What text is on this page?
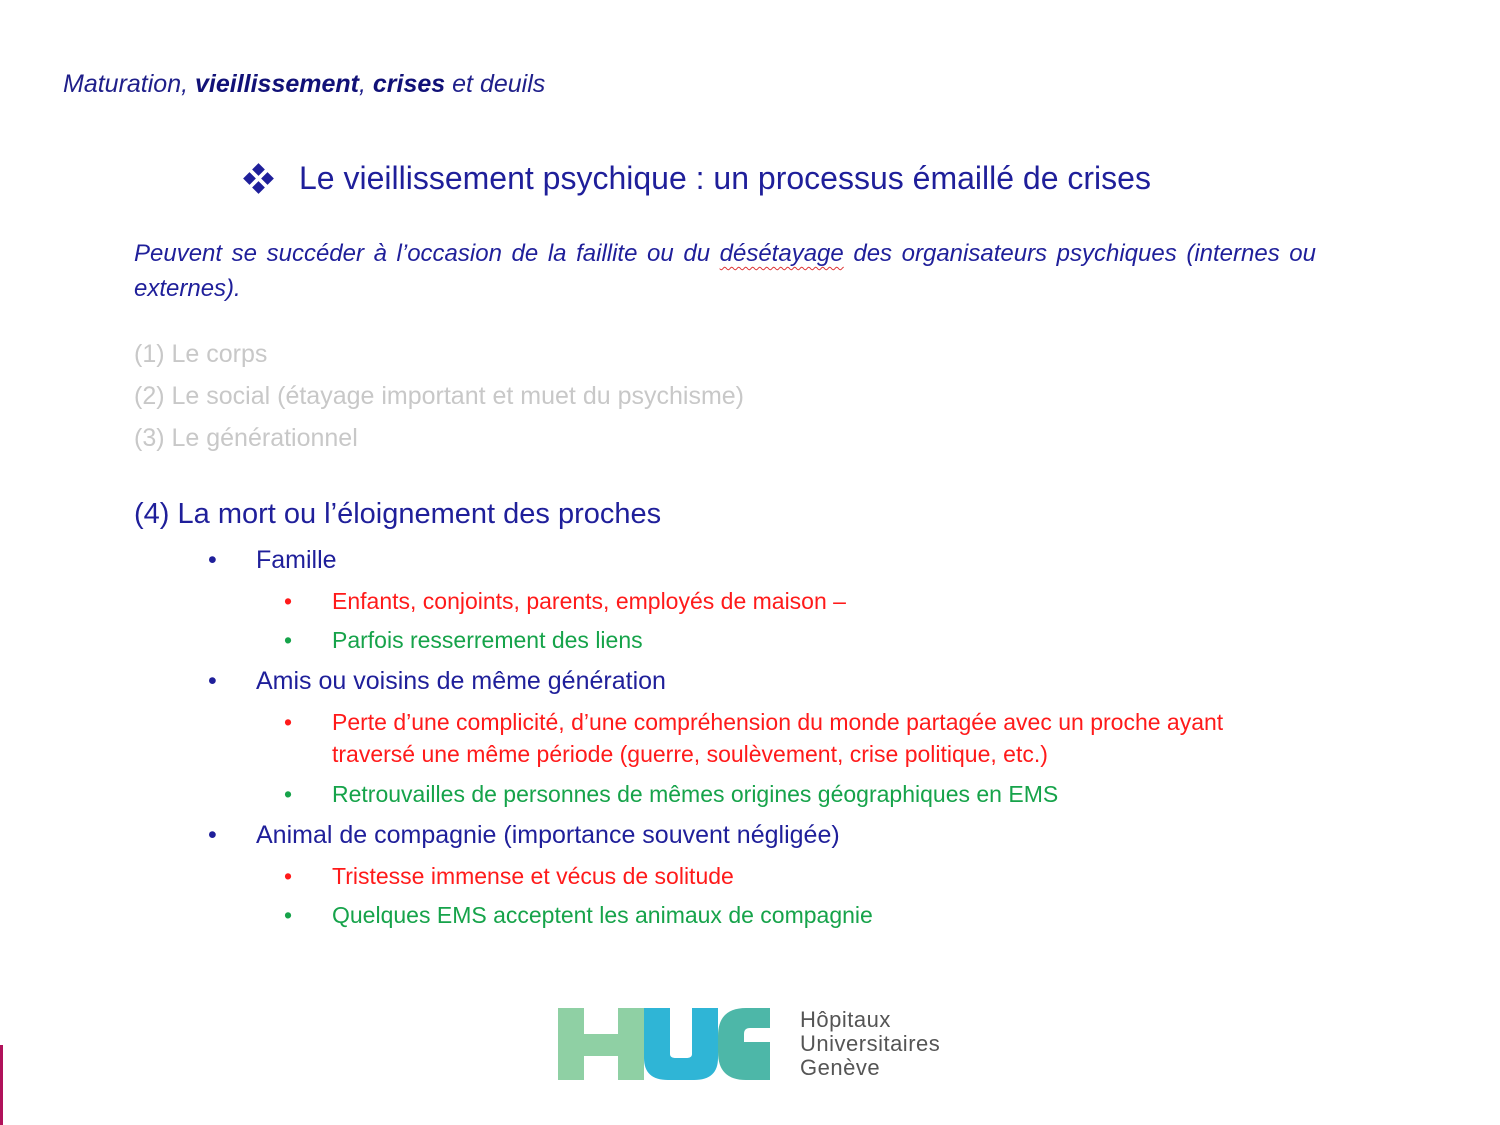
Maturation, vieillissement, crises et deuils
Le vieillissement psychique : un processus émaillé de crises
Peuvent se succéder à l’occasion de la faillite ou du désétayage des organisateurs psychiques (internes ou externes).
(1) Le corps
(2) Le social (étayage important et muet du psychisme)
(3) Le générationnel
(4) La mort ou l’éloignement des proches
• Famille
• Enfants, conjoints, parents, employés de maison –
• Parfois resserrement des liens
• Amis ou voisins de même génération
• Perte d’une complicité, d’une compréhension du monde partagée avec un proche ayant
traversé une même période (guerre, soulèvement, crise politique, etc.)
• Retrouvailles de personnes de mêmes origines géographiques en EMS
• Animal de compagnie (importance souvent négligée)
• Tristesse immense et vécus de solitude
• Quelques EMS acceptent les animaux de compagnie
Hôpitaux
Universitaires
Genève
